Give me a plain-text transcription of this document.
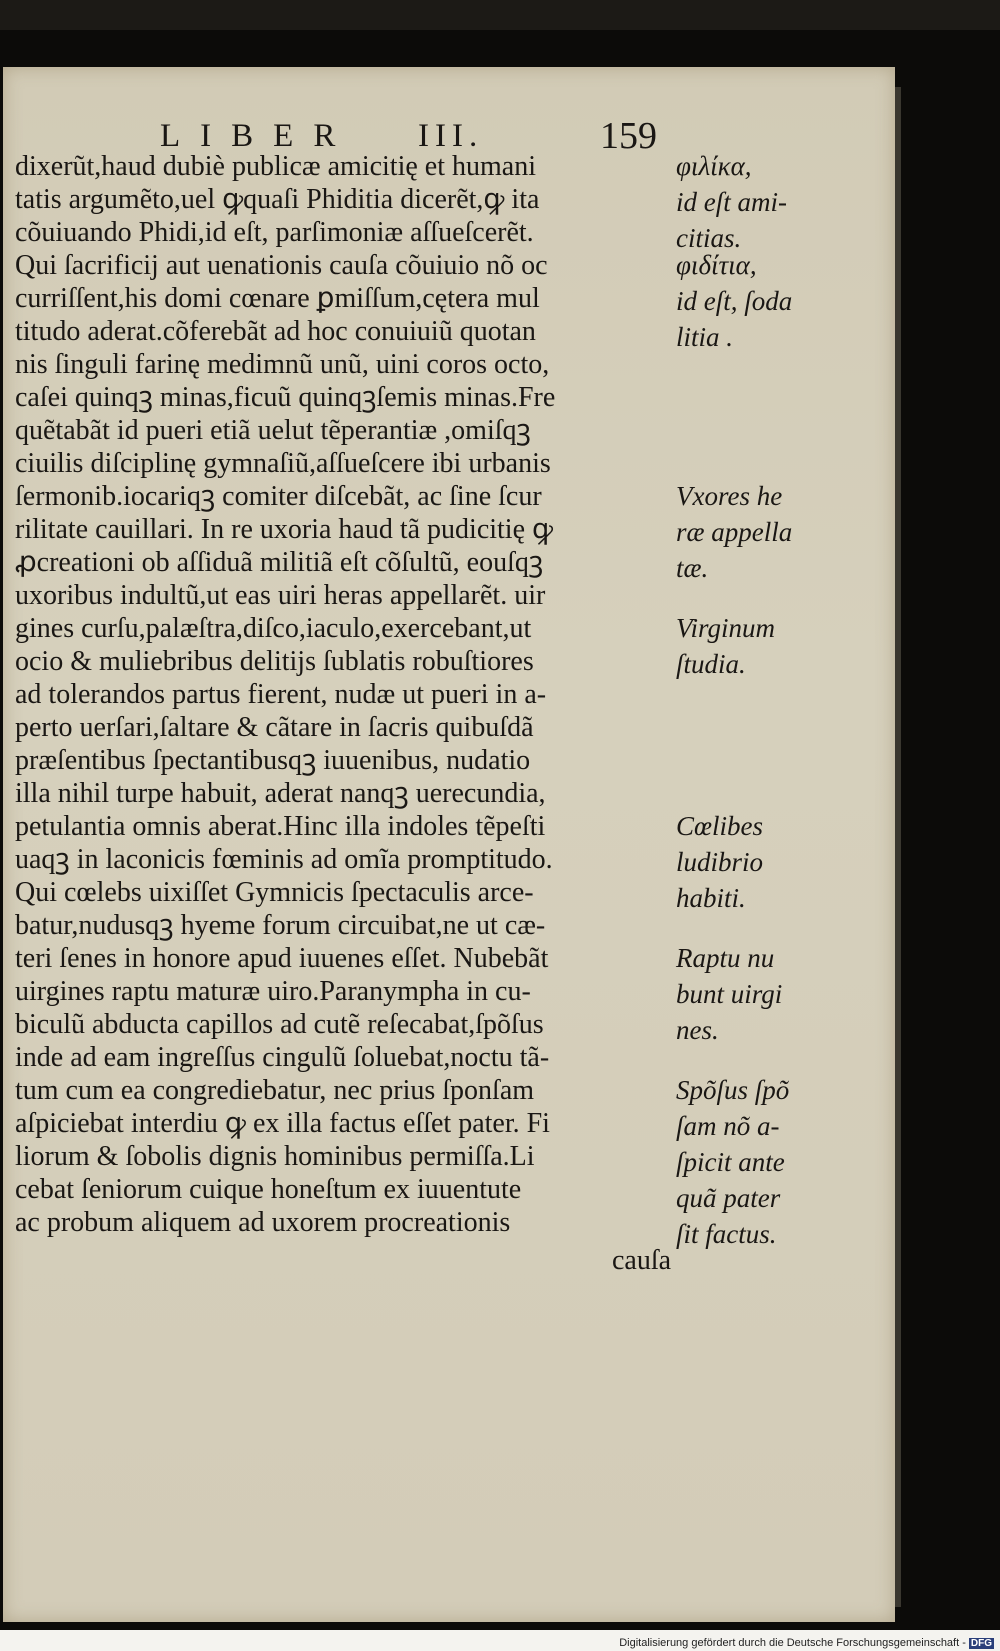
LIBER III.	159
dixerũt,haud dubiè publicæ amicitię et humani
tatis argumẽto,uel ꝙquaſi Phiditia dicerẽt,ꝙ ita
cõuiuando Phidi,id eſt, parſimoniæ aſſueſcerẽt.
Qui ſacrificij aut uenationis cauſa cõuiuio nõ oc
curriſſent,his domi cœnare ꝑmiſſum,cętera mul
titudo aderat.cõferebãt ad hoc conuiuiũ quotan
nis ſinguli farinę medimnũ unũ, uini coros octo,
caſei quinqꝫ minas,ficuũ quinqꝫſemis minas.Fre
quẽtabãt id pueri etiã uelut tẽperantiæ ,omiſqꝫ
ciuilis diſciplinę gymnaſiũ,aſſueſcere ibi urbanis
ſermonib.iocariqꝫ comiter diſcebãt, ac ſine ſcur
rilitate cauillari. In re uxoria haud tã pudicitię ꝙ
ꝓcreationi ob aſſiduã militiã eſt cõſultũ, eouſqꝫ
uxoribus indultũ,ut eas uiri heras appellarẽt. uir
gines curſu,palæſtra,diſco,iaculo,exercebant,ut
ocio & muliebribus delitijs ſublatis robuſtiores
ad tolerandos partus fierent, nudæ ut pueri in a-
perto uerſari,ſaltare & cãtare in ſacris quibuſdã
præſentibus ſpectantibusqꝫ iuuenibus, nudatio
illa nihil turpe habuit, aderat nanqꝫ uerecundia,
petulantia omnis aberat.Hinc illa indoles tẽpeſti
uaqꝫ in laconicis fœminis ad omĩa promptitudo.
Qui cœlebs uixiſſet Gymnicis ſpectaculis arce-
batur,nudusqꝫ hyeme forum circuibat,ne ut cæ-
teri ſenes in honore apud iuuenes eſſet. Nubebãt
uirgines raptu maturæ uiro.Paranympha in cu-
biculũ abducta capillos ad cutẽ reſecabat,ſpõſus
inde ad eam ingreſſus cingulũ ſoluebat,noctu tã-
tum cum ea congrediebatur, nec prius ſponſam
aſpiciebat interdiu ꝙ ex illa factus eſſet pater. Fi
liorum & ſobolis dignis hominibus permiſſa.Li
cebat ſeniorum cuique honeſtum ex iuuentute
ac probum aliquem ad uxorem procreationis
cauſa
φιλίκα,
id eſt ami-
citias.
φιδίτια,
id eſt, ſoda
litia .
Vxores he
ræ appella
tæ.
Virginum
ſtudia.
Cœlibes
ludibrio
habiti.
Raptu nu
bunt uirgi
nes.
Spõſus ſpõ
ſam nõ a-
ſpicit ante
quã pater
ſit factus.
Digitalisierung gefördert durch die Deutsche Forschungsgemeinschaft - DFG
